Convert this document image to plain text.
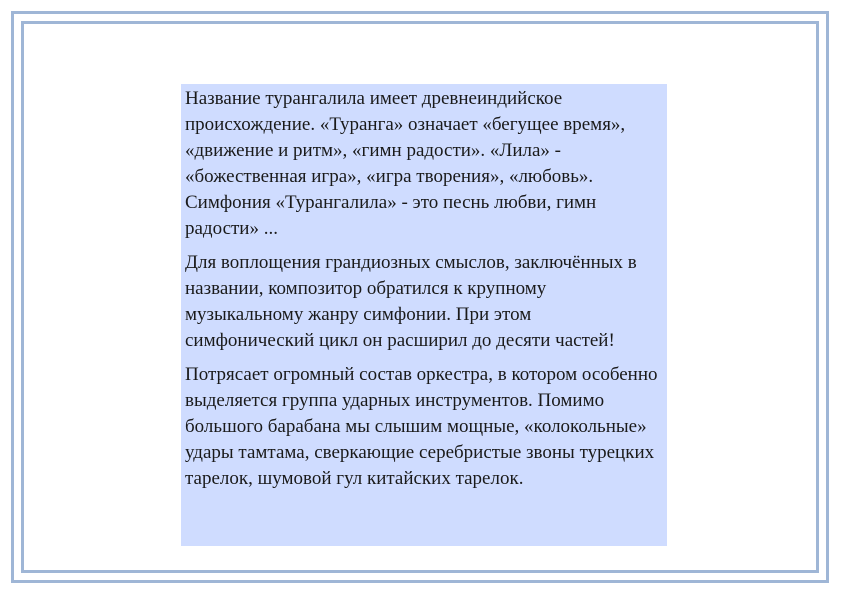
Название турангалила имеет древнеиндийское происхождение. «Туранга» означает «бегущее время», «движение и ритм», «гимн радости». «Лила» - «божественная игра», «игра творения», «любовь». Симфония «Турангалила» - это песнь любви, гимн радости» ...

Для воплощения грандиозных смыслов, заключённых в названии, композитор обратился к крупному музыкальному жанру симфонии. При этом симфонический цикл он расширил до десяти частей!

Потрясает огромный состав оркестра, в котором особенно выделяется группа ударных инструментов. Помимо большого барабана мы слышим мощные, «колокольные» удары тамтама, сверкающие серебристые звоны турецких тарелок, шумовой гул китайских тарелок.
